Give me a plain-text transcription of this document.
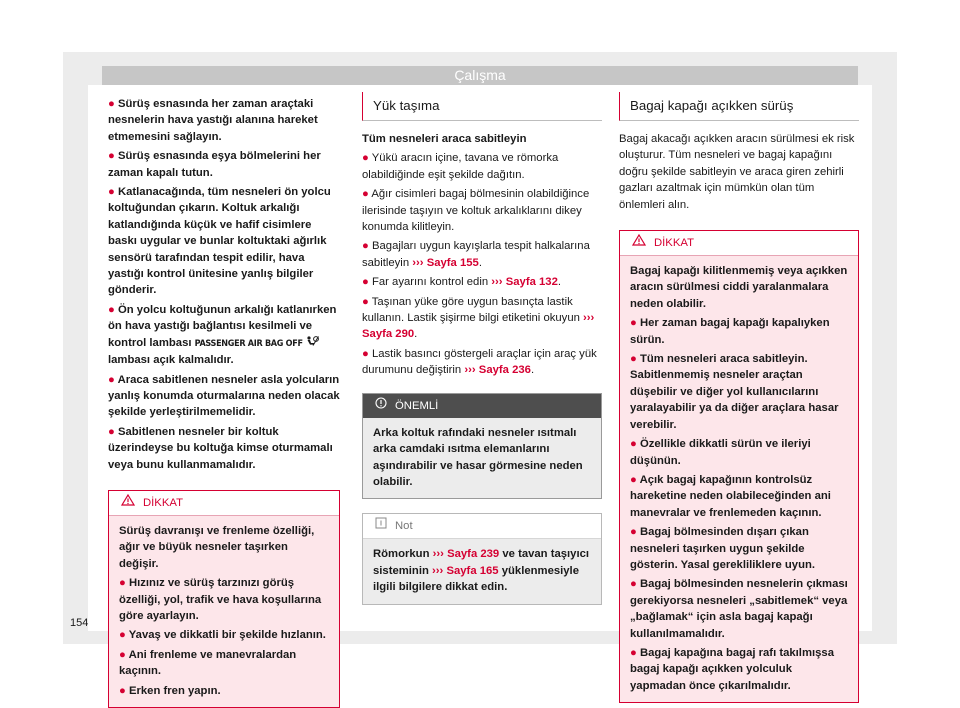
Çalışma

● Sürüş esnasında her zaman araçtaki nesnelerin hava yastığı alanına hareket etmemesini sağlayın.

● Sürüş esnasında eşya bölmelerini her zaman kapalı tutun.

● Katlanacağında, tüm nesneleri ön yolcu koltuğundan çıkarın. Koltuk arkalığı katlandığında küçük ve hafif cisimlere baskı uygular ve bunlar koltuktaki ağırlık sensörü tarafından tespit edilir, hava yastığı kontrol ünitesine yanlış bilgiler gönderir.

● Ön yolcu koltuğunun arkalığı katlanırken ön hava yastığı bağlantısı kesilmeli ve kontrol lambası PASSENGER AIR BAG OFF  lambası açık kalmalıdır.

● Araca sabitlenen nesneler asla yolcuların yanlış konumda oturmalarına neden olacak şekilde yerleştirilmemelidir.

● Sabitlenen nesneler bir koltuk üzerindeyse bu koltuğa kimse oturmamalı veya bunu kullanmamalıdır.

DİKKAT

Sürüş davranışı ve frenleme özelliği, ağır ve büyük nesneler taşırken değişir.

● Hızınız ve sürüş tarzınızı görüş özelliği, yol, trafik ve hava koşullarına göre ayarlayın.

● Yavaş ve dikkatli bir şekilde hızlanın.

● Ani frenleme ve manevralardan kaçının.

● Erken fren yapın.

Yük taşıma

Tüm nesneleri araca sabitleyin

● Yükü aracın içine, tavana ve römorka olabildiğinde eşit şekilde dağıtın.

● Ağır cisimleri bagaj bölmesinin olabildiğince ilerisinde taşıyın ve koltuk arkalıklarını dikey konumda kilitleyin.

● Bagajları uygun kayışlarla tespit halkalarına sabitleyin ››› Sayfa 155.

● Far ayarını kontrol edin ››› Sayfa 132.

● Taşınan yüke göre uygun basınçta lastik kullanın. Lastik şişirme bilgi etiketini okuyun ››› Sayfa 290.

● Lastik basıncı göstergeli araçlar için araç yük durumunu değiştirin ››› Sayfa 236.

ÖNEMLİ
Arka koltuk rafındaki nesneler ısıtmalı arka camdaki ısıtma elemanlarını aşındırabilir ve hasar görmesine neden olabilir.
Not
Römorkun ››› Sayfa 239 ve tavan taşıyıcı sisteminin ››› Sayfa 165 yüklenmesiyle ilgili bilgilere dikkat edin.
Bagaj kapağı açıkken sürüş

Bagaj akacağı açıkken aracın sürülmesi ek risk oluşturur. Tüm nesneleri ve bagaj kapağını doğru şekilde sabitleyin ve araca giren zehirli gazları azaltmak için mümkün olan tüm önlemleri alın.

DİKKAT

Bagaj kapağı kilitlenmemiş veya açıkken aracın sürülmesi ciddi yaralanmalara neden olabilir.

● Her zaman bagaj kapağı kapalıyken sürün.

● Tüm nesneleri araca sabitleyin. Sabitlenmemiş nesneler araçtan düşebilir ve diğer yol kullanıcılarını yaralayabilir ya da diğer araçlara hasar verebilir.

● Özellikle dikkatli sürün ve ileriyi düşünün.

● Açık bagaj kapağının kontrolsüz hareketine neden olabileceğinden ani manevralar ve frenlemeden kaçının.

● Bagaj bölmesinden dışarı çıkan nesneleri taşırken uygun şekilde gösterin. Yasal gerekliliklere uyun.

● Bagaj bölmesinden nesnelerin çıkması gerekiyorsa nesneleri „sabitlemek“ veya „bağlamak“ için asla bagaj kapağı kullanılmamalıdır.

● Bagaj kapağına bagaj rafı takılmışsa bagaj kapağı açıkken yolculuk yapmadan önce çıkarılmalıdır.

154
